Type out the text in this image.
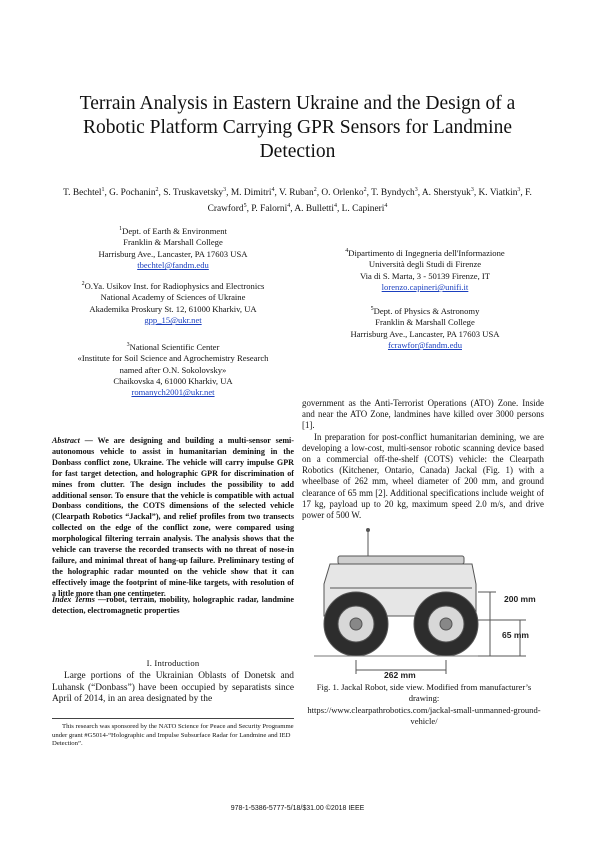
Terrain Analysis in Eastern Ukraine and the Design of a Robotic Platform Carrying GPR Sensors for Landmine Detection
T. Bechtel$^1$, G. Pochanin$^2$, S. Truskavetsky$^3$, M. Dimitri$^4$, V. Ruban$^2$, O. Orlenko$^2$, T. Byndych$^3$, A. Sherstyuk$^3$, K. Viatkin$^3$, F. Crawford$^5$, P. Falorni$^4$, A. Bulletti$^4$, L. Capineri$^4$
$^1$Dept. of Earth & Environment
Franklin & Marshall College
Harrisburg Ave., Lancaster, PA 17603 USA
tbechtel@fandm.edu
$^2$O.Ya. Usikov Inst. for Radiophysics and Electronics
National Academy of Sciences of Ukraine
Akademika Proskury St. 12, 61000 Kharkiv, UA
gpp_15@ukr.net
$^3$National Scientific Center
«Institute for Soil Science and Agrochemistry Research
named after O.N. Sokolovsky»
Chaikovska 4, 61000 Kharkiv, UA
romanych2001@ukr.net
$^4$Dipartimento di Ingegneria dell'Informazione
Università degli Studi di Firenze
Via di S. Marta, 3 - 50139 Firenze, IT
lorenzo.capineri@unifi.it
$^5$Dept. of Physics & Astronomy
Franklin & Marshall College
Harrisburg Ave., Lancaster, PA 17603 USA
fcrawfor@fandm.edu
Abstract — We are designing and building a multi-sensor semi-autonomous vehicle to assist in humanitarian demining in the Donbass conflict zone, Ukraine. The vehicle will carry impulse GPR for fast target detection, and holographic GPR for discrimination of mines from clutter. The design includes the possibility to add additional sensor. To ensure that the vehicle is compatible with actual Donbass conditions, the COTS dimensions of the selected vehicle (Clearpath Robotics “Jackal”), and relief profiles from two transects collected on the edge of the conflict zone, were compared using morphological filtering terrain analysis. The analysis shows that the vehicle can traverse the recorded transects with no threat of nose-in failure, and minimal threat of hang-up failure. Preliminary testing of the holographic radar mounted on the vehicle show that it can effectively image the footprint of mine-like targets, with resolution of a little more than one centimeter.
Index Terms —robot, terrain, mobility, holographic radar, landmine detection, electromagnetic properties
I. Introduction

Large portions of the Ukrainian Oblasts of Donetsk and Luhansk (“Donbass”) have been occupied by separatists since April of 2014, in an area designated by the

This research was sponsored by the NATO Science for Peace and Security Programme under grant #G5014-“Holographic and Impulse Subsurface Radar for Landmine and IED Detection”.

government as the Anti-Terrorist Operations (ATO) Zone. Inside and near the ATO Zone, landmines have killed over 3000 persons [1].

In preparation for post-conflict humanitarian demining, we are developing a low-cost, multi-sensor robotic scanning device based on a commercial off-the-shelf (COTS) vehicle: the Clearpath Robotics (Kitchener, Ontario, Canada) Jackal (Fig. 1) with a wheelbase of 262 mm, wheel diameter of 200 mm, and ground clearance of 65 mm [2]. Additional specifications include weight of 17 kg, payload up to 20 kg, maximum speed 2.0 m/s, and drive power of 500 W.

200 mm
65 mm
262 mm
Fig. 1. Jackal Robot, side view. Modified from manufacturer’s drawing:
https://www.clearpathrobotics.com/jackal-small-unmanned-ground-vehicle/
978-1-5386-5777-5/18/$31.00 ©2018 IEEE
